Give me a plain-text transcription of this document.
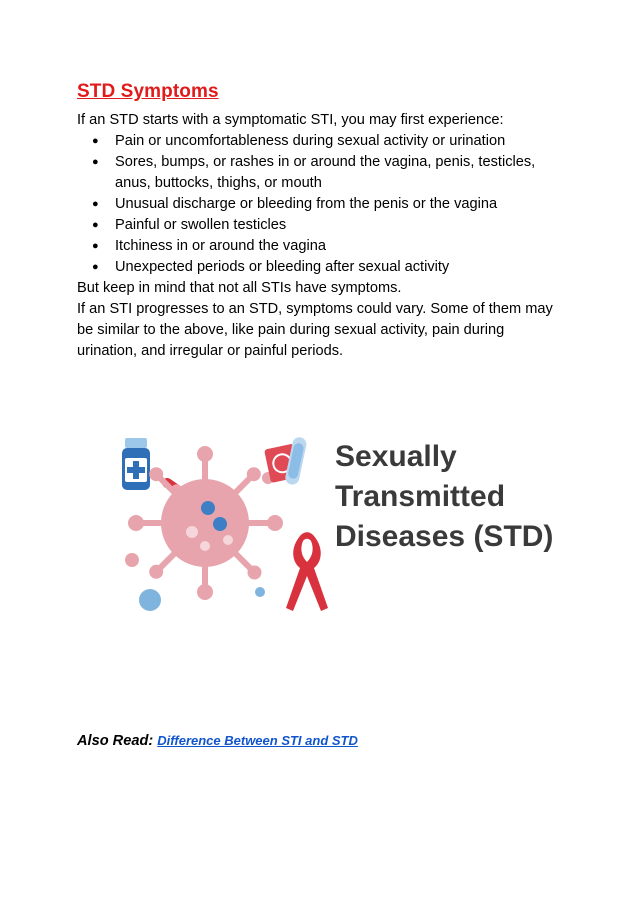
STD Symptoms

If an STD starts with a symptomatic STI, you may first experience:

● Pain or uncomfortableness during sexual activity or urination
● Sores, bumps, or rashes in or around the vagina, penis, testicles, anus, buttocks, thighs, or mouth
● Unusual discharge or bleeding from the penis or the vagina
● Painful or swollen testicles
● Itchiness in or around the vagina
● Unexpected periods or bleeding after sexual activity

But keep in mind that not all STIs have symptoms.

If an STI progresses to an STD, symptoms could vary. Some of them may be similar to the above, like pain during sexual activity, pain during urination, and irregular or painful periods.

Sexually
Transmitted
Diseases (STD)
Also Read: Difference Between STI and STD
